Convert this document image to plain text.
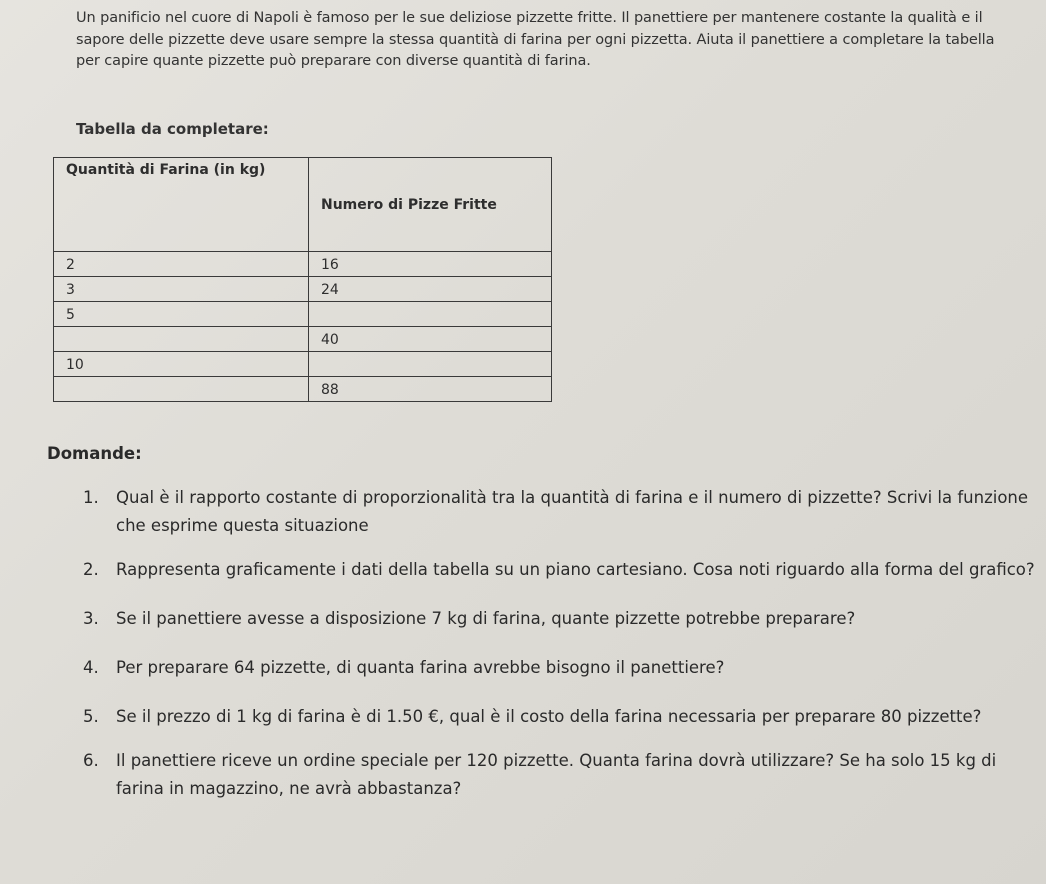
Un panificio nel cuore di Napoli è famoso per le sue deliziose pizzette fritte. Il panettiere per mantenere costante la qualità e il sapore delle pizzette deve usare sempre la stessa quantità di farina per ogni pizzetta. Aiuta il panettiere a completare la tabella per capire quante pizzette può preparare con diverse quantità di farina.

Tabella da completare:

Quantità di Farina (in kg)	Numero di Pizze Fritte
2	16
3	24
5	
	40
10	
	88

Domande:

1. Qual è il rapporto costante di proporzionalità tra la quantità di farina e il numero di pizzette? Scrivi la funzione che esprime questa situazione
2. Rappresenta graficamente i dati della tabella su un piano cartesiano. Cosa noti riguardo alla forma del grafico?
3. Se il panettiere avesse a disposizione 7 kg di farina, quante pizzette potrebbe preparare?
4. Per preparare 64 pizzette, di quanta farina avrebbe bisogno il panettiere?
5. Se il prezzo di 1 kg di farina è di 1.50 €, qual è il costo della farina necessaria per preparare 80 pizzette?
6. Il panettiere riceve un ordine speciale per 120 pizzette. Quanta farina dovrà utilizzare? Se ha solo 15 kg di farina in magazzino, ne avrà abbastanza?
